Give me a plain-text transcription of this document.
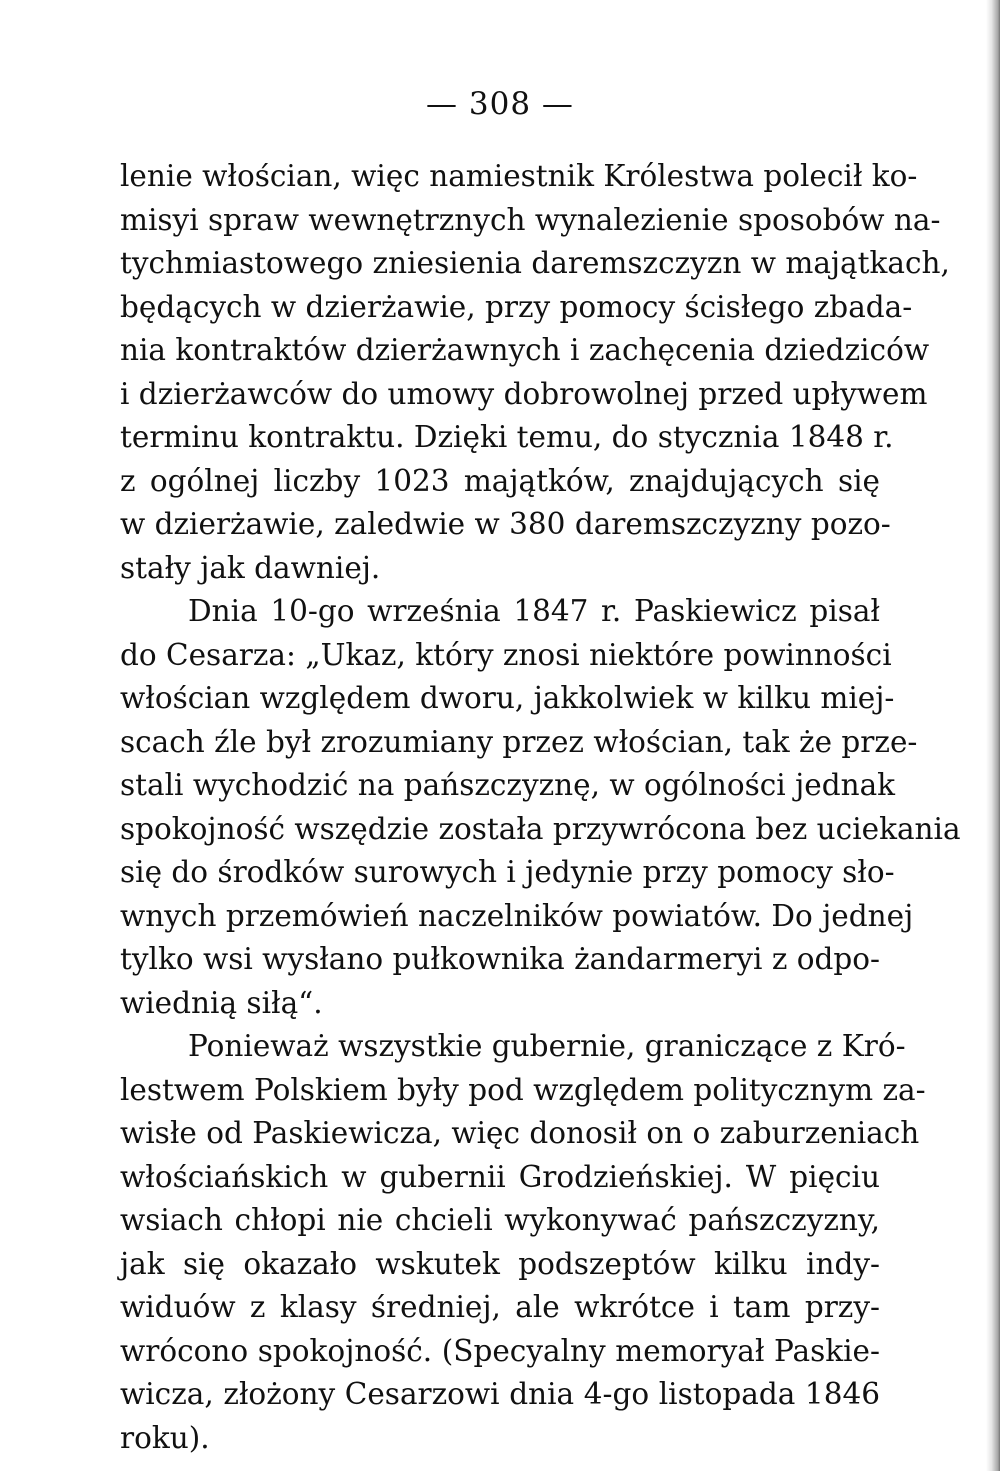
— 308 —
lenie włościan, więc namiestnik Królestwa polecił ko-
misyi spraw wewnętrznych wynalezienie sposobów na-
tychmiastowego zniesienia daremszczyzn w majątkach,
będących w dzierżawie, przy pomocy ścisłego zbada-
nia kontraktów dzierżawnych i zachęcenia dziedziców
i dzierżawców do umowy dobrowolnej przed upływem
terminu kontraktu. Dzięki temu, do stycznia 1848 r.
z ogólnej liczby 1023 majątków, znajdujących się
w dzierżawie, zaledwie w 380 daremszczyzny pozo-
stały jak dawniej.
Dnia 10-go września 1847 r. Paskiewicz pisał
do Cesarza: „Ukaz, który znosi niektóre powinności
włościan względem dworu, jakkolwiek w kilku miej-
scach źle był zrozumiany przez włościan, tak że prze-
stali wychodzić na pańszczyznę, w ogólności jednak
spokojność wszędzie została przywrócona bez uciekania
się do środków surowych i jedynie przy pomocy sło-
wnych przemówień naczelników powiatów. Do jednej
tylko wsi wysłano pułkownika żandarmeryi z odpo-
wiednią siłą“.
Ponieważ wszystkie gubernie, graniczące z Kró-
lestwem Polskiem były pod względem politycznym za-
wisłe od Paskiewicza, więc donosił on o zaburzeniach
włościańskich w gubernii Grodzieńskiej. W pięciu
wsiach chłopi nie chcieli wykonywać pańszczyzny,
jak się okazało wskutek podszeptów kilku indy-
widuów z klasy średniej, ale wkrótce i tam przy-
wrócono spokojność. (Specyalny memoryał Paskie-
wicza, złożony Cesarzowi dnia 4-go listopada 1846
roku).
